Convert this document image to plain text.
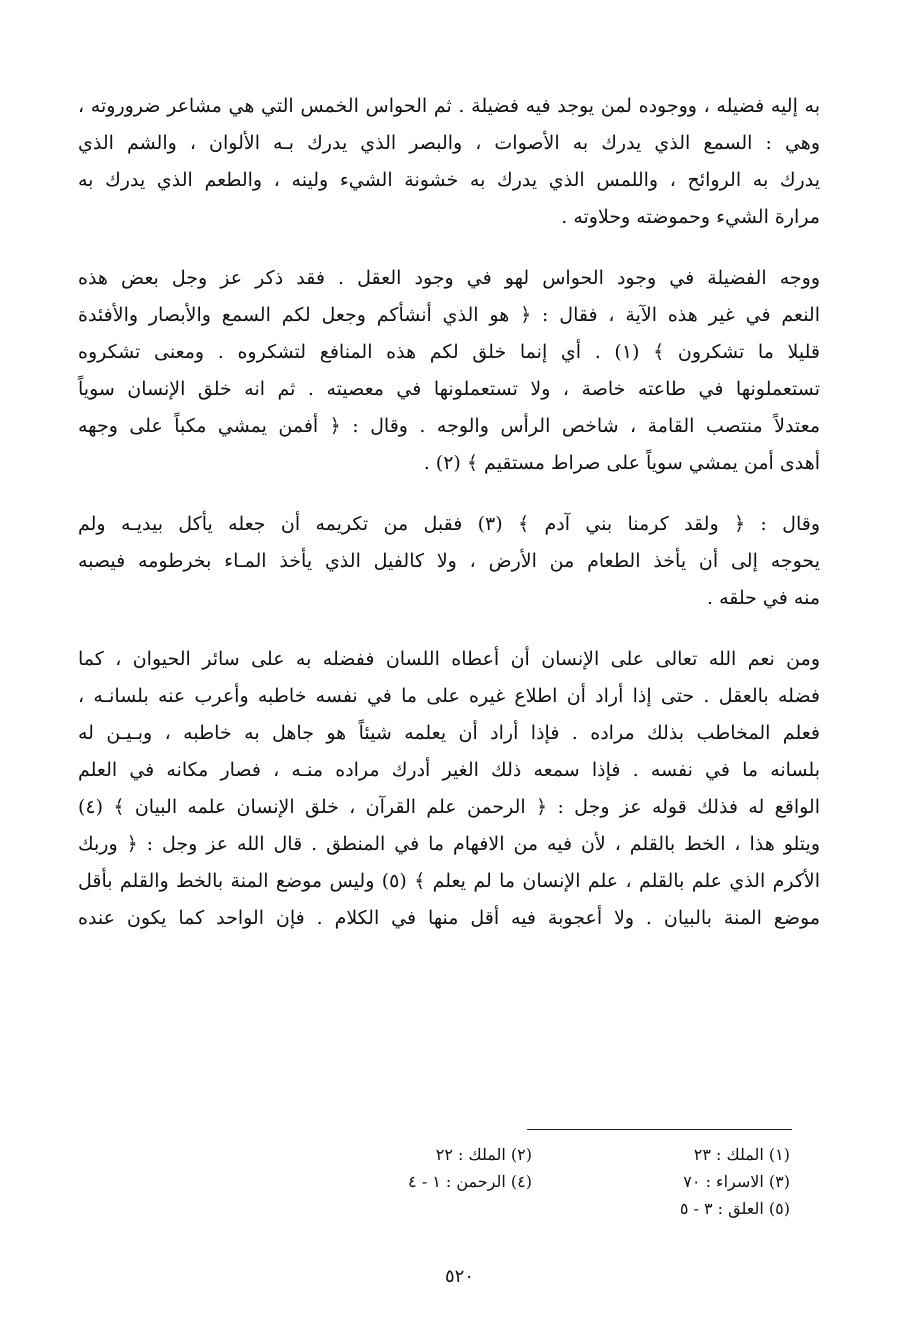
به إليه فضيله ، ووجوده لمن يوجد فيه فضيلة . ثم الحواس الخمس التي هي مشاعر ضروروته ،
وهي : السمع الذي يدرك به الأصوات ، والبصر الذي يدرك بـه الألوان ، والشم الذي
يدرك به الروائح ، واللمس الذي يدرك به خشونة الشيء ولينه ، والطعم الذي يدرك به
مرارة الشيء وحموضته وحلاوته .

ووجه الفضيلة في وجود الحواس لهو في وجود العقل . فقد ذكر عز وجل بعض هذه
النعم في غير هذه الآية ، فقال : ﴿ هو الذي أنشأكم وجعل لكم السمع والأبصار والأفئدة
قليلا ما تشكرون ﴾ (١) . أي إنما خلق لكم هذه المنافع لتشكروه . ومعنى تشكروه
تستعملونها في طاعته خاصة ، ولا تستعملونها في معصيته . ثم انه خلق الإنسان سوياً
معتدلاً منتصب القامة ، شاخص الرأس والوجه . وقال : ﴿ أفمن يمشي مكباً على وجهه
أهدى أمن يمشي سوياً على صراط مستقيم ﴾ (٢) .

وقال : ﴿ ولقد كرمنا بني آدم ﴾ (٣) فقبل من تكريمه أن جعله يأكل بيديـه ولم
يحوجه إلى أن يأخذ الطعام من الأرض ، ولا كالفيل الذي يأخذ المـاء بخرطومه فيصبه
منه في حلقه .

ومن نعم الله تعالى على الإنسان أن أعطاه اللسان ففضله به على سائر الحيوان ، كما
فضله بالعقل . حتى إذا أراد أن اطلاع غيره على ما في نفسه خاطبه وأعرب عنه بلسانـه ،
فعلم المخاطب بذلك مراده . فإذا أراد أن يعلمه شيئاً هو جاهل به خاطبه ، وبـيـن له
بلسانه ما في نفسه . فإذا سمعه ذلك الغير أدرك مراده منـه ، فصار مكانه في العلم
الواقع له فذلك قوله عز وجل : ﴿ الرحمن علم القرآن ، خلق الإنسان علمه البيان ﴾ (٤)
ويتلو هذا ، الخط بالقلم ، لأن فيه من الافهام ما في المنطق . قال الله عز وجل : ﴿ وربك
الأكرم الذي علم بالقلم ، علم الإنسان ما لم يعلم ﴾ (٥) وليس موضع المنة بالخط والقلم بأقل
موضع المنة بالبيان . ولا أعجوبة فيه أقل منها في الكلام . فإن الواحد كما يكون عنده

(١) الملك : ٢٣
(٣) الاسراء : ٧٠
(٥) العلق : ٣ - ٥
(٢) الملك : ٢٢
(٤) الرحمن : ١ - ٤
٥٢٠
